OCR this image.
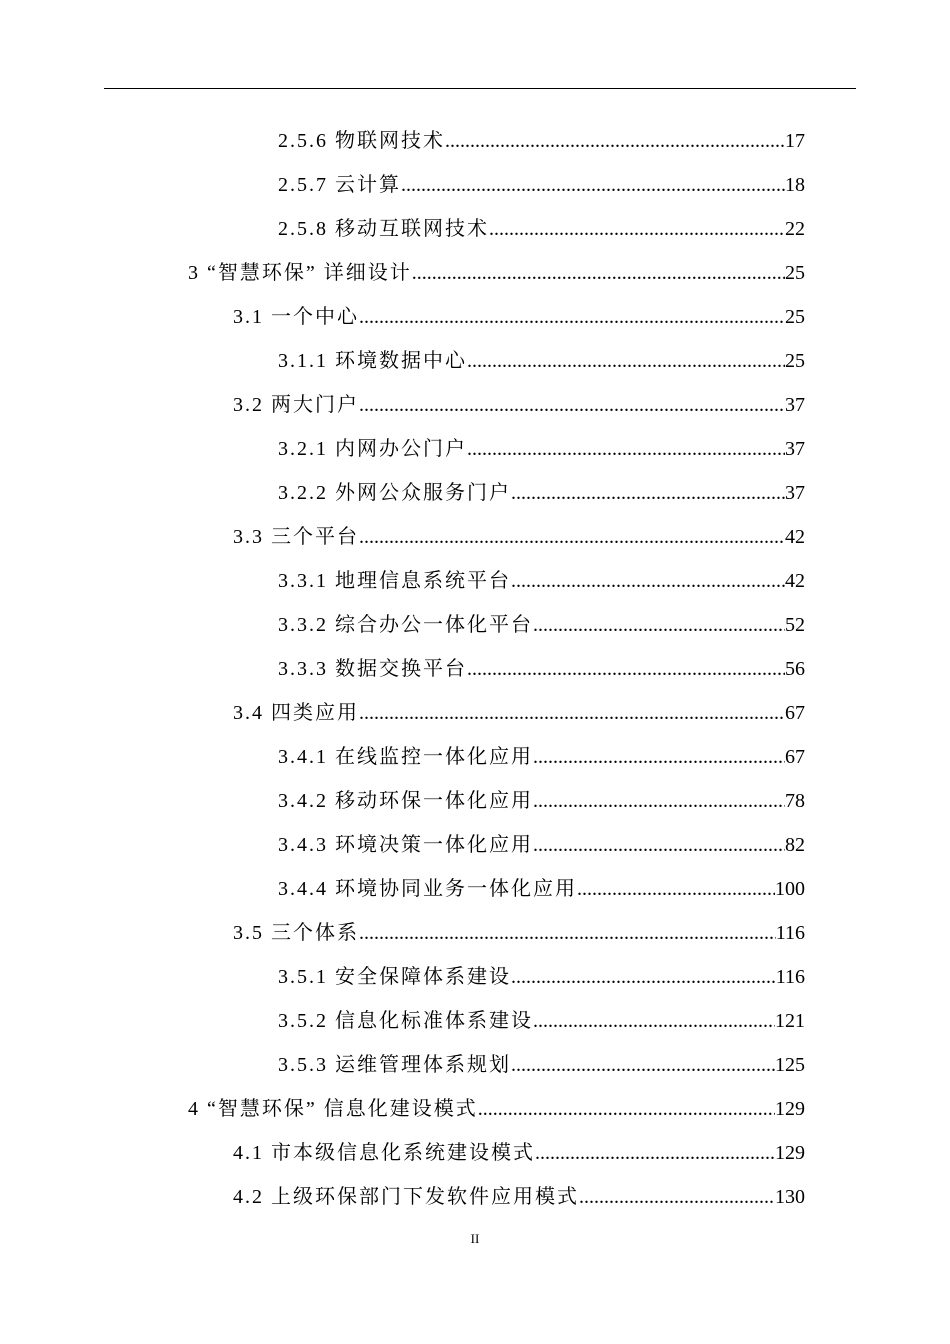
2.5.6 物联网技术 .....	17
2.5.7 云计算 .....	18
2.5.8 移动互联网技术 .....	22
3 “智慧环保” 详细设计 .....	25
3.1 一个中心 .....	25
3.1.1 环境数据中心 .....	25
3.2 两大门户 .....	37
3.2.1 内网办公门户 .....	37
3.2.2 外网公众服务门户 .....	37
3.3 三个平台 .....	42
3.3.1 地理信息系统平台 .....	42
3.3.2 综合办公一体化平台 .....	52
3.3.3 数据交换平台 .....	56
3.4 四类应用 .....	67
3.4.1 在线监控一体化应用 .....	67
3.4.2 移动环保一体化应用 .....	78
3.4.3 环境决策一体化应用 .....	82
3.4.4 环境协同业务一体化应用 .....	100
3.5 三个体系 .....	116
3.5.1 安全保障体系建设 .....	116
3.5.2 信息化标准体系建设 .....	121
3.5.3 运维管理体系规划 .....	125
4 “智慧环保” 信息化建设模式 .....	129
4.1 市本级信息化系统建设模式 .....	129
4.2 上级环保部门下发软件应用模式 .....	130
II
